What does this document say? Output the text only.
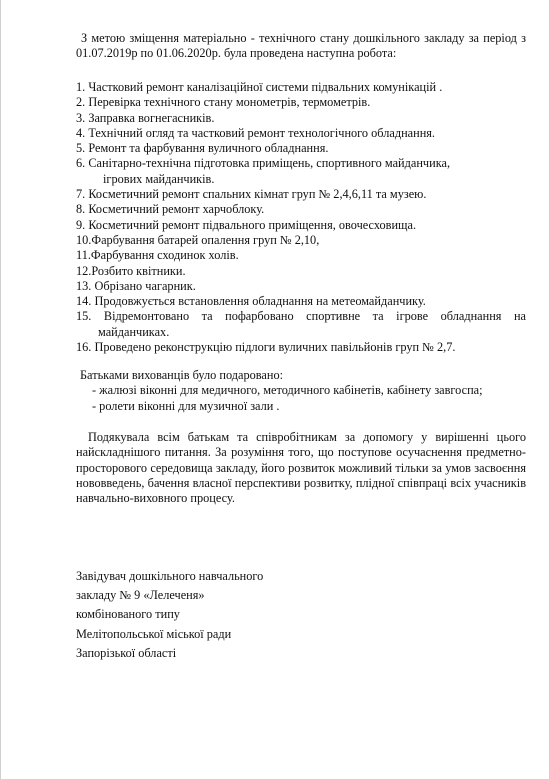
З метою зміщення матеріально - технічного стану дошкільного закладу за період з 01.07.2019р по 01.06.2020р. була проведена наступна робота:
1. Частковий ремонт каналізаційної системи підвальних комунікацій .
2. Перевірка технічного стану монометрів, термометрів.
3. Заправка вогнегасників.
4. Технічний огляд та частковий ремонт технологічного обладнання.
5. Ремонт та фарбування вуличного обладнання.
6. Санітарно-технічна підготовка приміщень, спортивного майданчика,
ігрових майданчиків.
7. Косметичний ремонт спальних кімнат груп № 2,4,6,11 та музею.
8. Косметичний ремонт харчоблоку.
9. Косметичний ремонт підвального приміщення, овочесховища.
10.Фарбування батарей опалення груп № 2,10,
11.Фарбування сходинок холів.
12.Розбито квітники.
13. Обрізано чагарник.
14. Продовжується встановлення обладнання на метеомайданчику.
15. Відремонтовано та пофарбовано спортивне та ігрове обладнання на
майданчиках.
16. Проведено реконструкцію підлоги вуличних павільйонів груп № 2,7.
Батьками вихованців було подаровано:
- жалюзі віконні для медичного, методичного кабінетів, кабінету завгоспа;
- ролети віконні для музичної зали .
Подякувала всім батькам та співробітникам за допомогу у вирішенні цього найскладнішого питання. За розуміння того, що поступове осучаснення предметно-просторового середовища закладу, його розвиток можливий тільки за умов засвоєння нововведень, бачення власної перспективи розвитку, плідної співпраці всіх учасників навчально-виховного процесу.
Завідувач дошкільного навчального
закладу № 9 «Лелеченя»
комбінованого типу
Мелітопольської міської ради
Запорізької області
